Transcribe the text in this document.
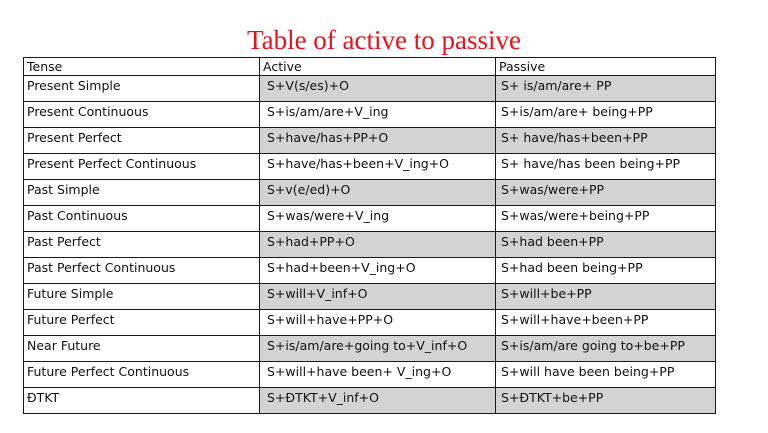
Table of active to passive
Tense	Active	Passive
Present Simple	S+V(s/es)+O	S+ is/am/are+ PP
Present Continuous	S+is/am/are+V_ing	S+is/am/are+ being+PP
Present Perfect	S+have/has+PP+O	S+ have/has+been+PP
Present Perfect Continuous	S+have/has+been+V_ing+O	S+ have/has been being+PP
Past Simple	S+v(e/ed)+O	S+was/were+PP
Past Continuous	S+was/were+V_ing	S+was/were+being+PP
Past Perfect	S+had+PP+O	S+had been+PP
Past Perfect Continuous	S+had+been+V_ing+O	S+had been being+PP
Future Simple	S+will+V_inf+O	S+will+be+PP
Future Perfect	S+will+have+PP+O	S+will+have+been+PP
Near Future	S+is/am/are+going to+V_inf+O	S+is/am/are going to+be+PP
Future Perfect Continuous	S+will+have been+ V_ing+O	S+will have been being+PP
ĐTKT	S+ĐTKT+V_inf+O	S+ĐTKT+be+PP
